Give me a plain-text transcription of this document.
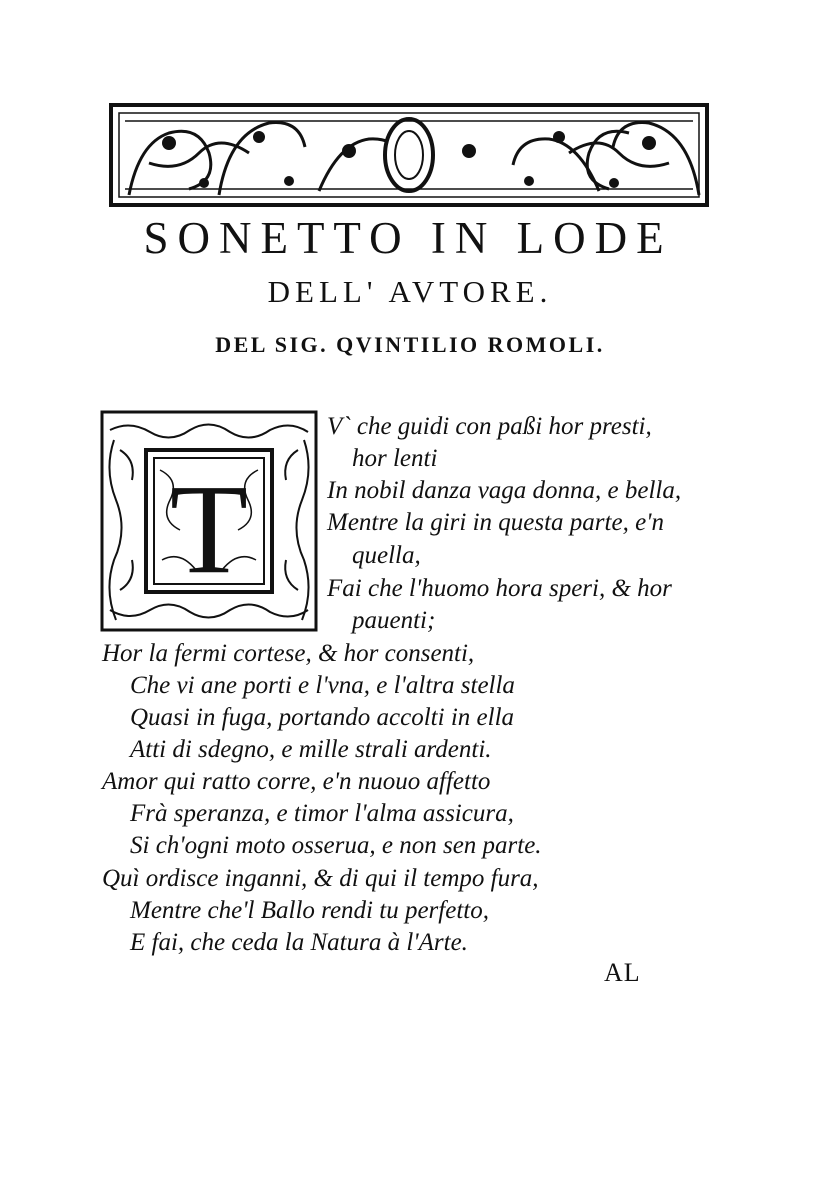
SONETTO IN LODE
DELL' AVTORE.
DEL SIG. QVINTILIO ROMOLI.
T
V` che guidi con paßi hor presti,
hor lenti
In nobil danza vaga donna, e bella,
Mentre la giri in questa parte, e'n
quella,
Fai che l'huomo hora speri, & hor
pauenti;
Hor la fermi cortese, & hor consenti,
Che vi ane porti e l'vna, e l'altra stella
Quasi in fuga, portando accolti in ella
Atti di sdegno, e mille strali ardenti.
Amor qui ratto corre, e'n nuouo affetto
Frà speranza, e timor l'alma assicura,
Si ch'ogni moto osserua, e non sen parte.
Quì ordisce inganni, & di qui il tempo fura,
Mentre che'l Ballo rendi tu perfetto,
E fai, che ceda la Natura à l'Arte.
AL
